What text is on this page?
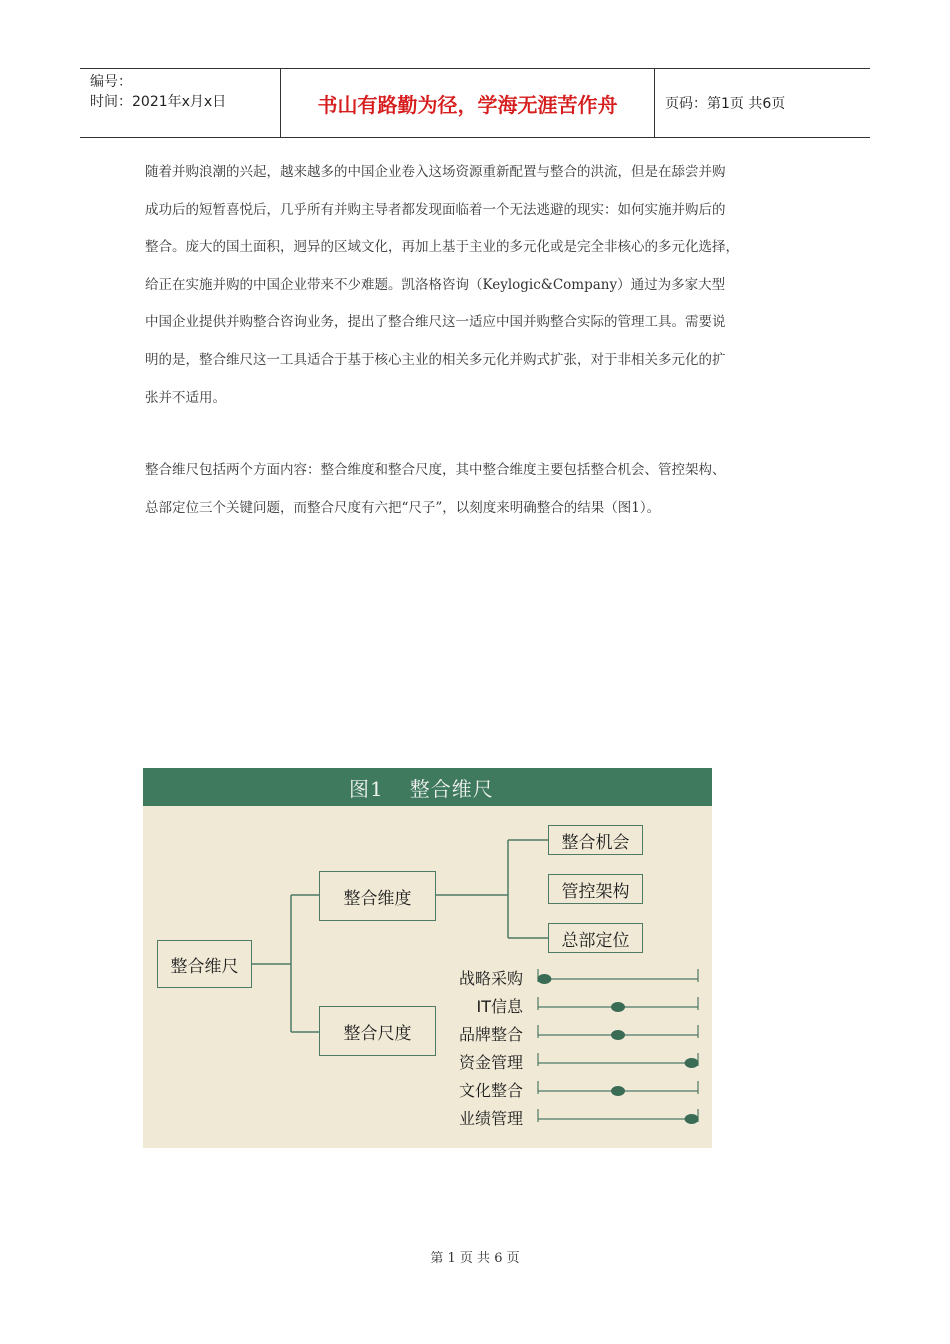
编号：
时间：2021年x月x日	书山有路勤为径，学海无涯苦作舟	页码：第1页 共6页
随着并购浪潮的兴起，越来越多的中国企业卷入这场资源重新配置与整合的洪流，但是在舔尝并购
成功后的短暂喜悦后，几乎所有并购主导者都发现面临着一个无法逃避的现实：如何实施并购后的
整合。庞大的国土面积，迥异的区域文化，再加上基于主业的多元化或是完全非核心的多元化选择，
给正在实施并购的中国企业带来不少难题。凯洛格咨询（Keylogic&Company）通过为多家大型
中国企业提供并购整合咨询业务，提出了整合维尺这一适应中国并购整合实际的管理工具。需要说
明的是，整合维尺这一工具适合于基于核心主业的相关多元化并购式扩张，对于非相关多元化的扩
张并不适用。
整合维尺包括两个方面内容：整合维度和整合尺度，其中整合维度主要包括整合机会、管控架构、
总部定位三个关键问题，而整合尺度有六把“尺子”，以刻度来明确整合的结果（图1）。
图1 整合维尺
整合维尺
整合维度
整合尺度
整合机会
管控架构
总部定位
战略采购
IT信息
品牌整合
资金管理
文化整合
业绩管理
第 1 页 共 6 页
